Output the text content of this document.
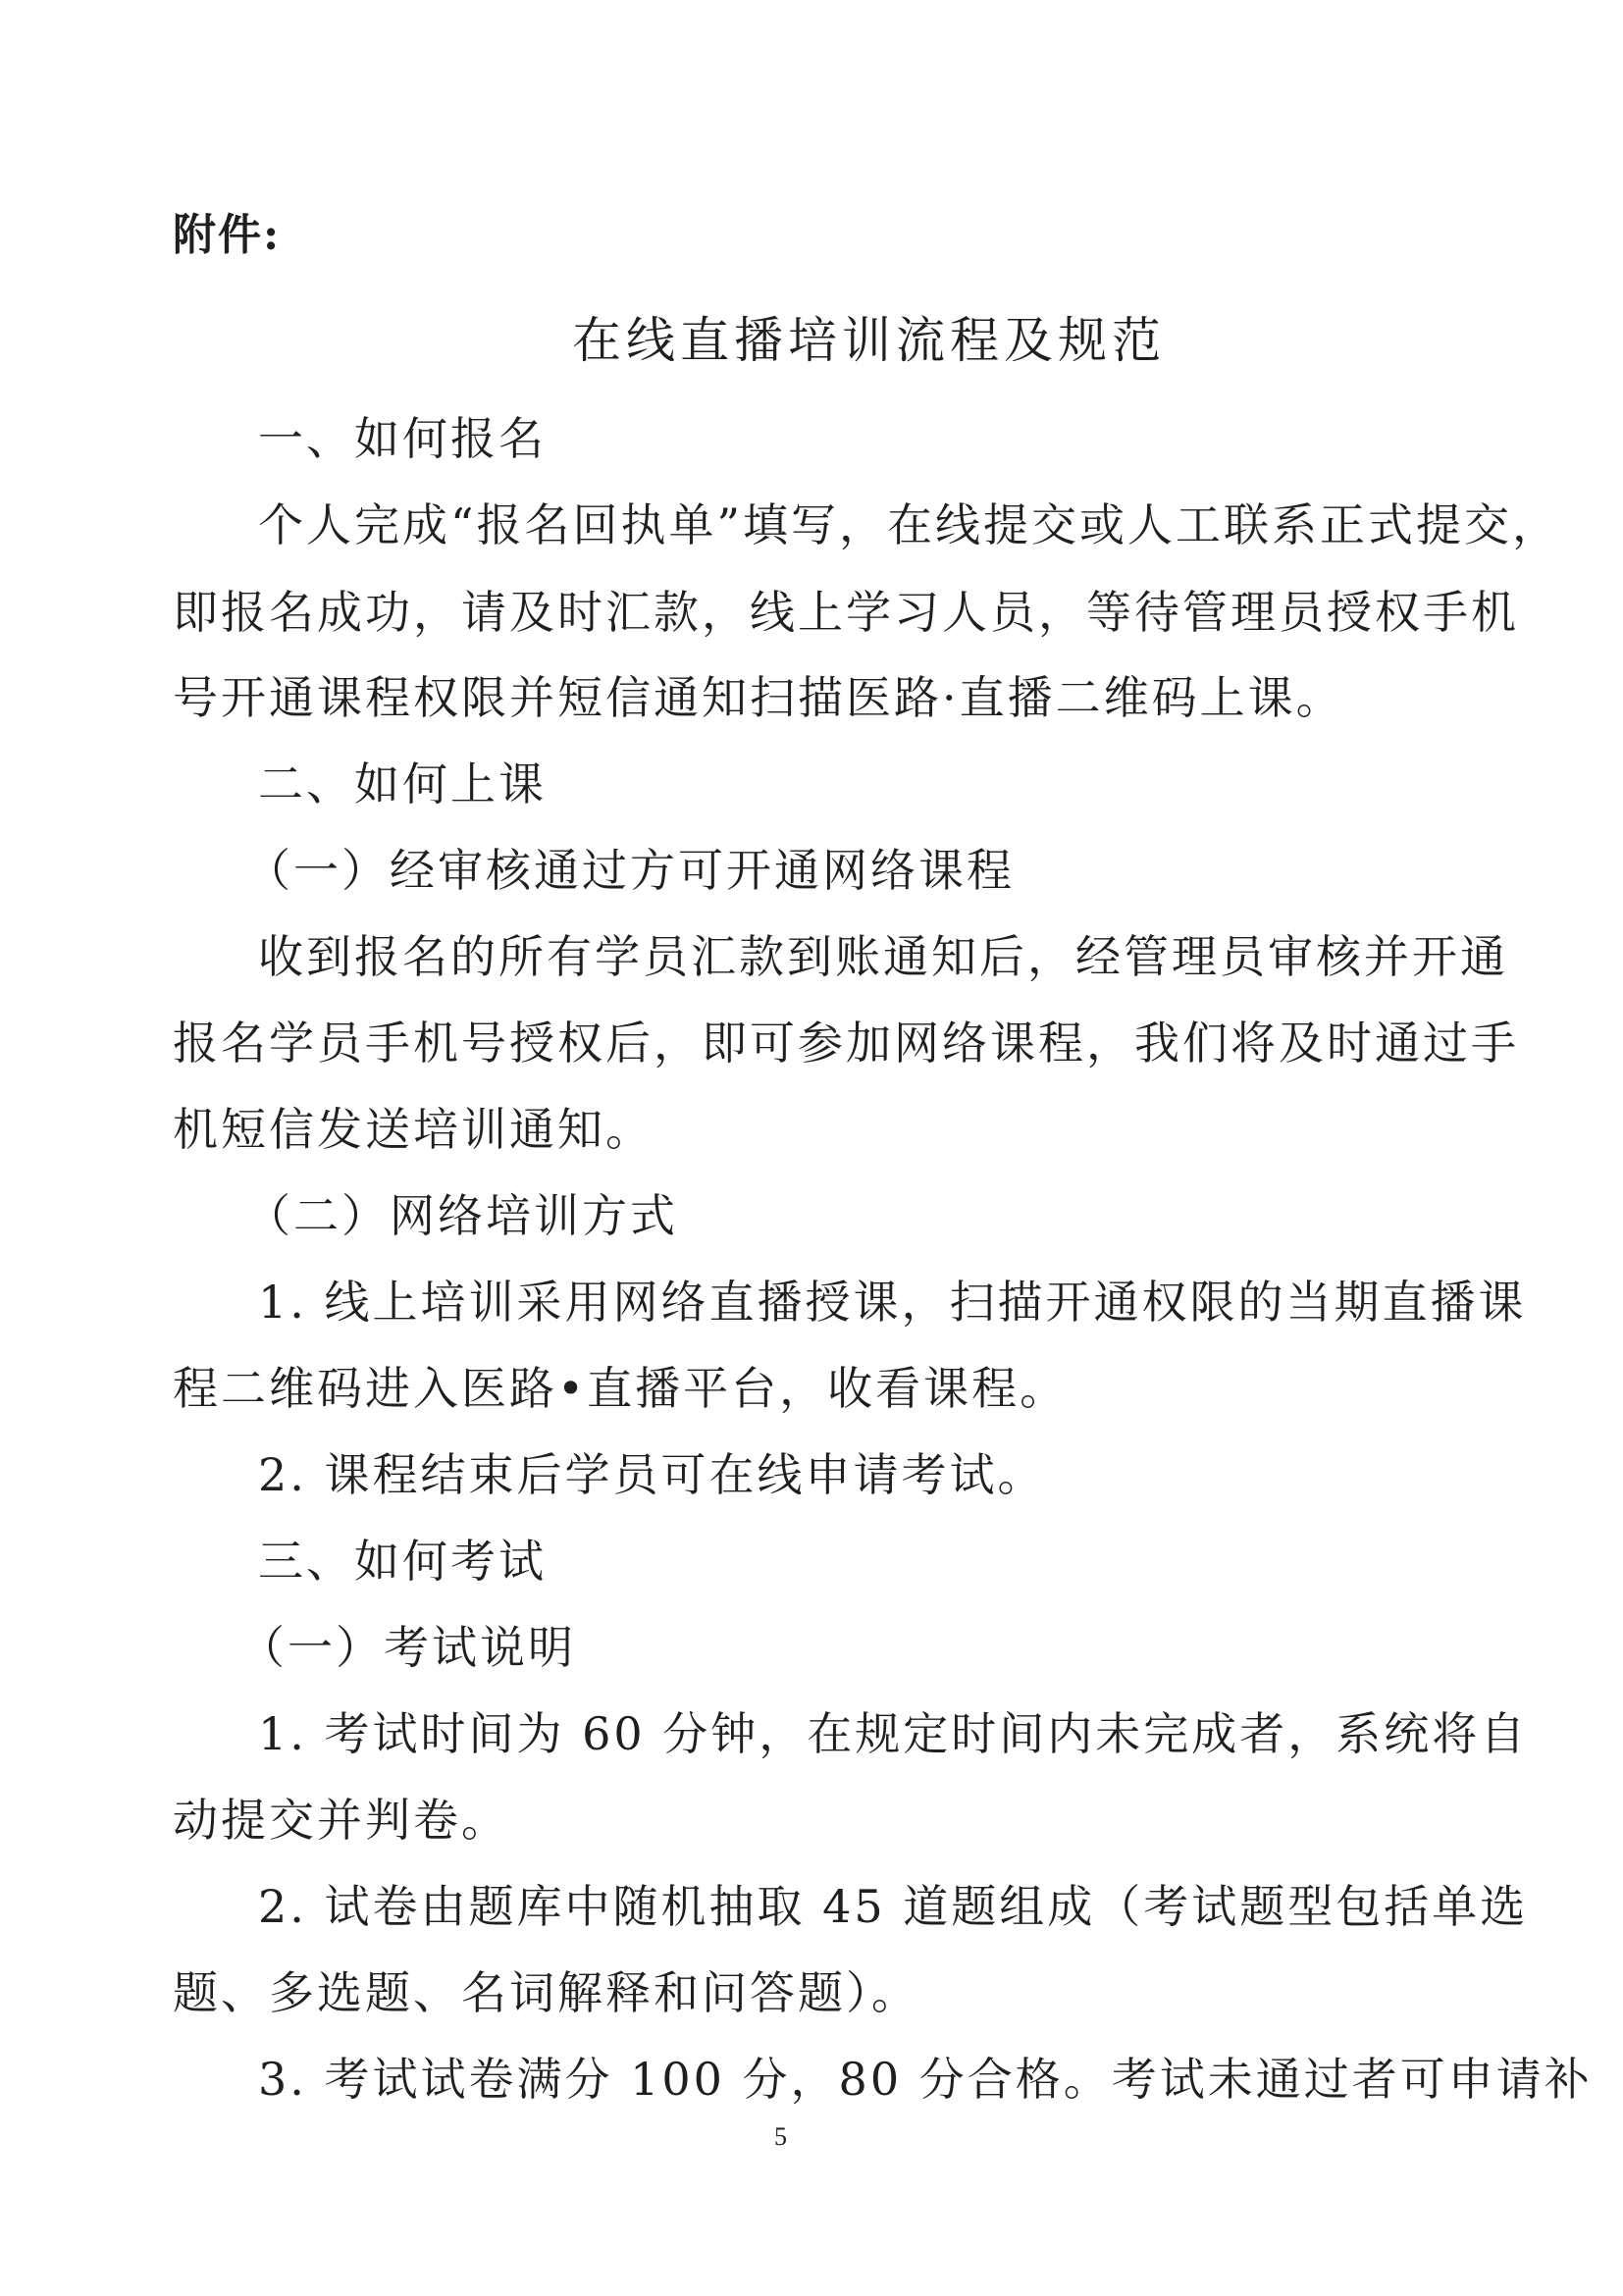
附件:
在线直播培训流程及规范
一、如何报名
个人完成“报名回执单”填写，在线提交或人工联系正式提交，
即报名成功，请及时汇款，线上学习人员，等待管理员授权手机
号开通课程权限并短信通知扫描医路·直播二维码上课。
二、如何上课
（一）经审核通过方可开通网络课程
收到报名的所有学员汇款到账通知后，经管理员审核并开通
报名学员手机号授权后，即可参加网络课程，我们将及时通过手
机短信发送培训通知。
（二）网络培训方式
1. 线上培训采用网络直播授课，扫描开通权限的当期直播课
程二维码进入医路•直播平台，收看课程。
2. 课程结束后学员可在线申请考试。
三、如何考试
（一）考试说明
1. 考试时间为 60 分钟，在规定时间内未完成者，系统将自
动提交并判卷。
2. 试卷由题库中随机抽取 45 道题组成（考试题型包括单选
题、多选题、名词解释和问答题）。
3. 考试试卷满分 100 分，80 分合格。考试未通过者可申请补
5
